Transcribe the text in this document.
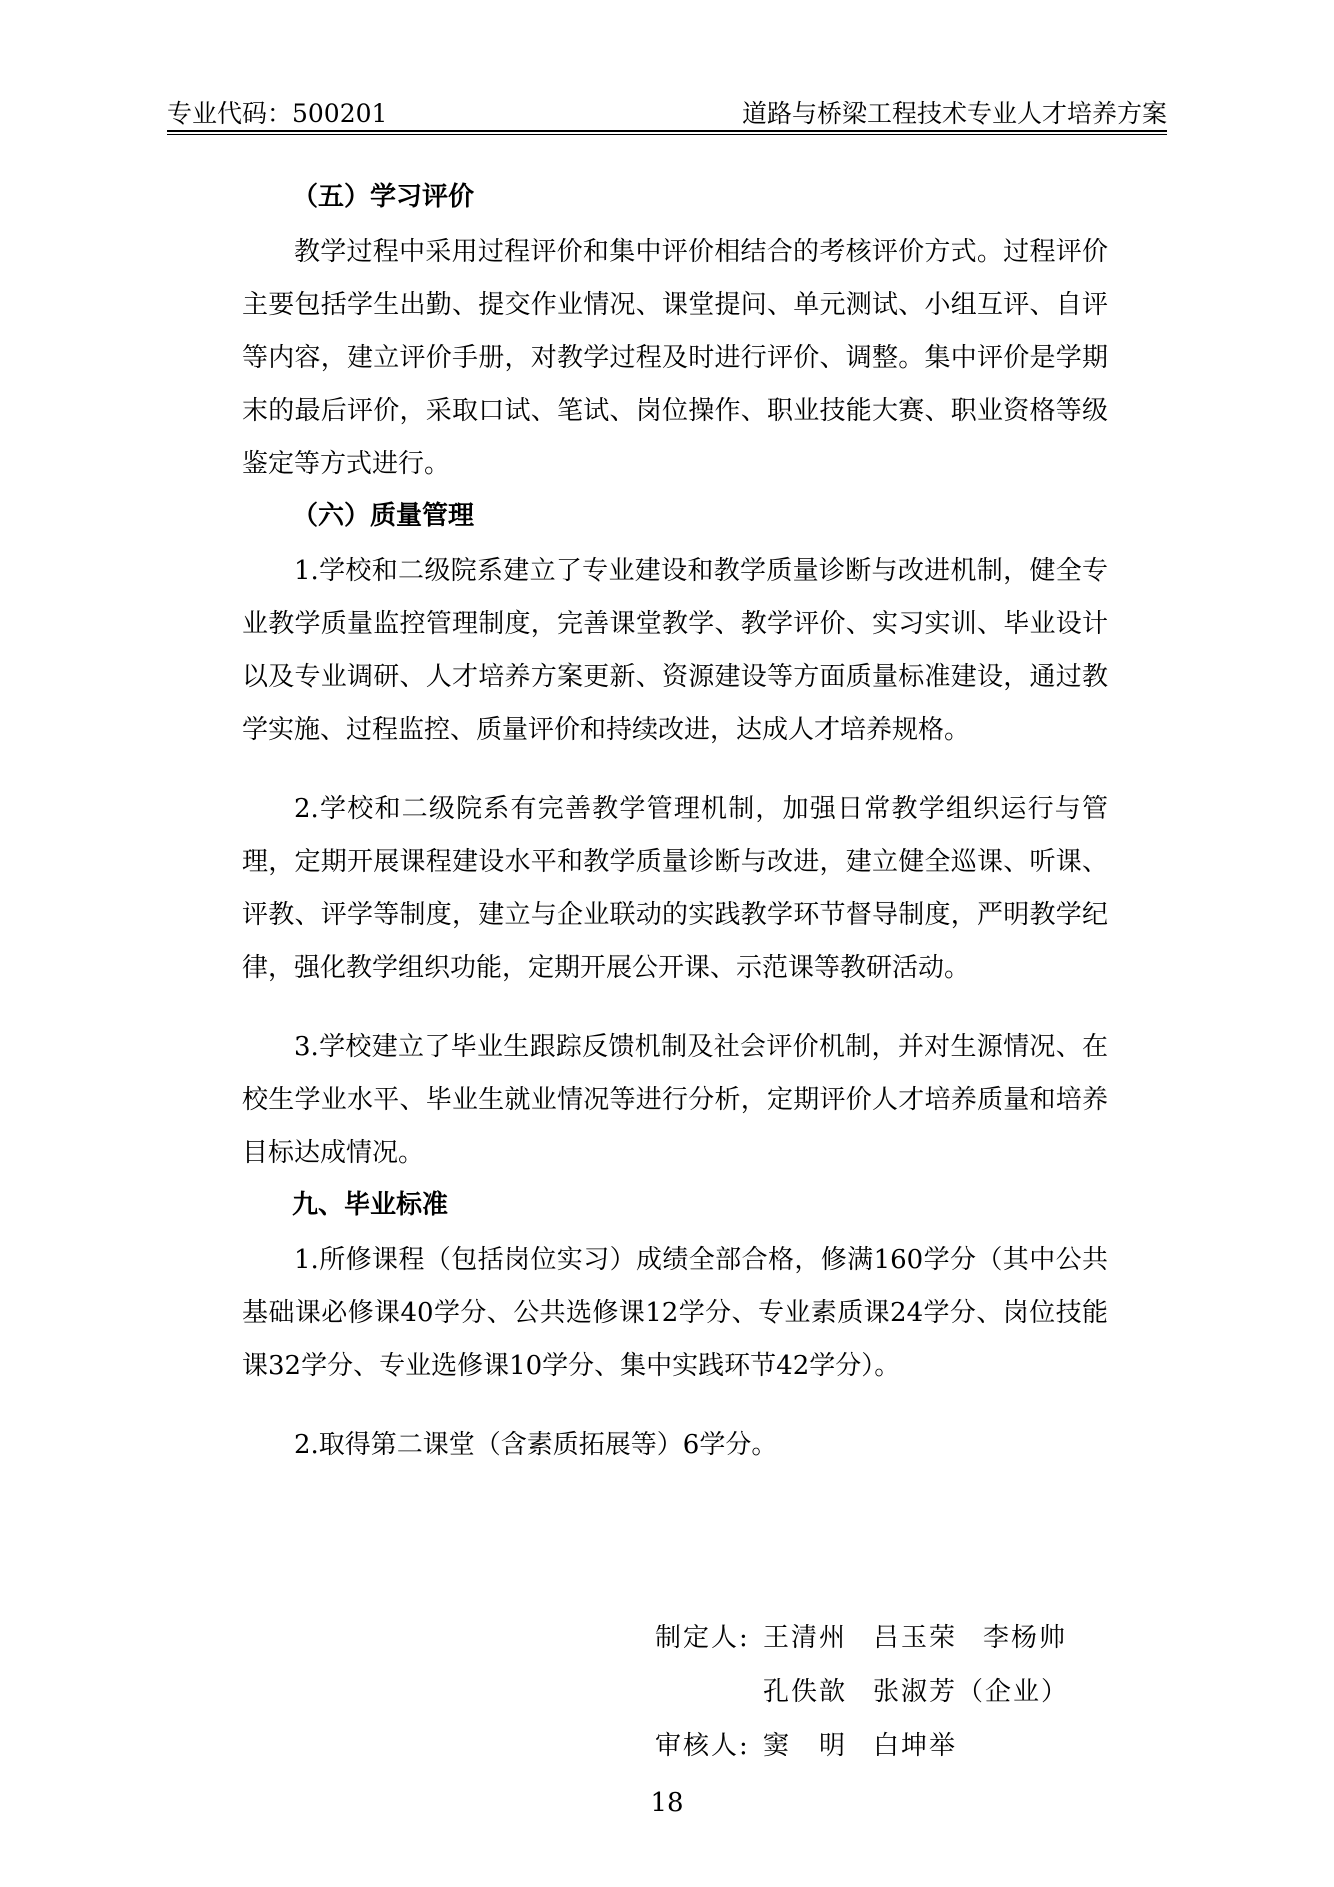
专业代码：500201	道路与桥梁工程技术专业人才培养方案
（五）学习评价

教学过程中采用过程评价和集中评价相结合的考核评价方式。过程评价主要包括学生出勤、提交作业情况、课堂提问、单元测试、小组互评、自评等内容，建立评价手册，对教学过程及时进行评价、调整。集中评价是学期末的最后评价，采取口试、笔试、岗位操作、职业技能大赛、职业资格等级鉴定等方式进行。

（六）质量管理

1.学校和二级院系建立了专业建设和教学质量诊断与改进机制，健全专业教学质量监控管理制度，完善课堂教学、教学评价、实习实训、毕业设计以及专业调研、人才培养方案更新、资源建设等方面质量标准建设，通过教学实施、过程监控、质量评价和持续改进，达成人才培养规格。

2.学校和二级院系有完善教学管理机制，加强日常教学组织运行与管理，定期开展课程建设水平和教学质量诊断与改进，建立健全巡课、听课、评教、评学等制度，建立与企业联动的实践教学环节督导制度，严明教学纪律，强化教学组织功能，定期开展公开课、示范课等教研活动。

3.学校建立了毕业生跟踪反馈机制及社会评价机制，并对生源情况、在校生学业水平、毕业生就业情况等进行分析，定期评价人才培养质量和培养目标达成情况。

九、毕业标准

1.所修课程（包括岗位实习）成绩全部合格，修满160学分（其中公共基础课必修课40学分、公共选修课12学分、专业素质课24学分、岗位技能课32学分、专业选修课10学分、集中实践环节42学分）。

2.取得第二课堂（含素质拓展等）6学分。

制定人: 王清州 吕玉荣 李杨帅
孔佚歆 张淑芳（企业）
审核人: 窦　明 白坤举
18
